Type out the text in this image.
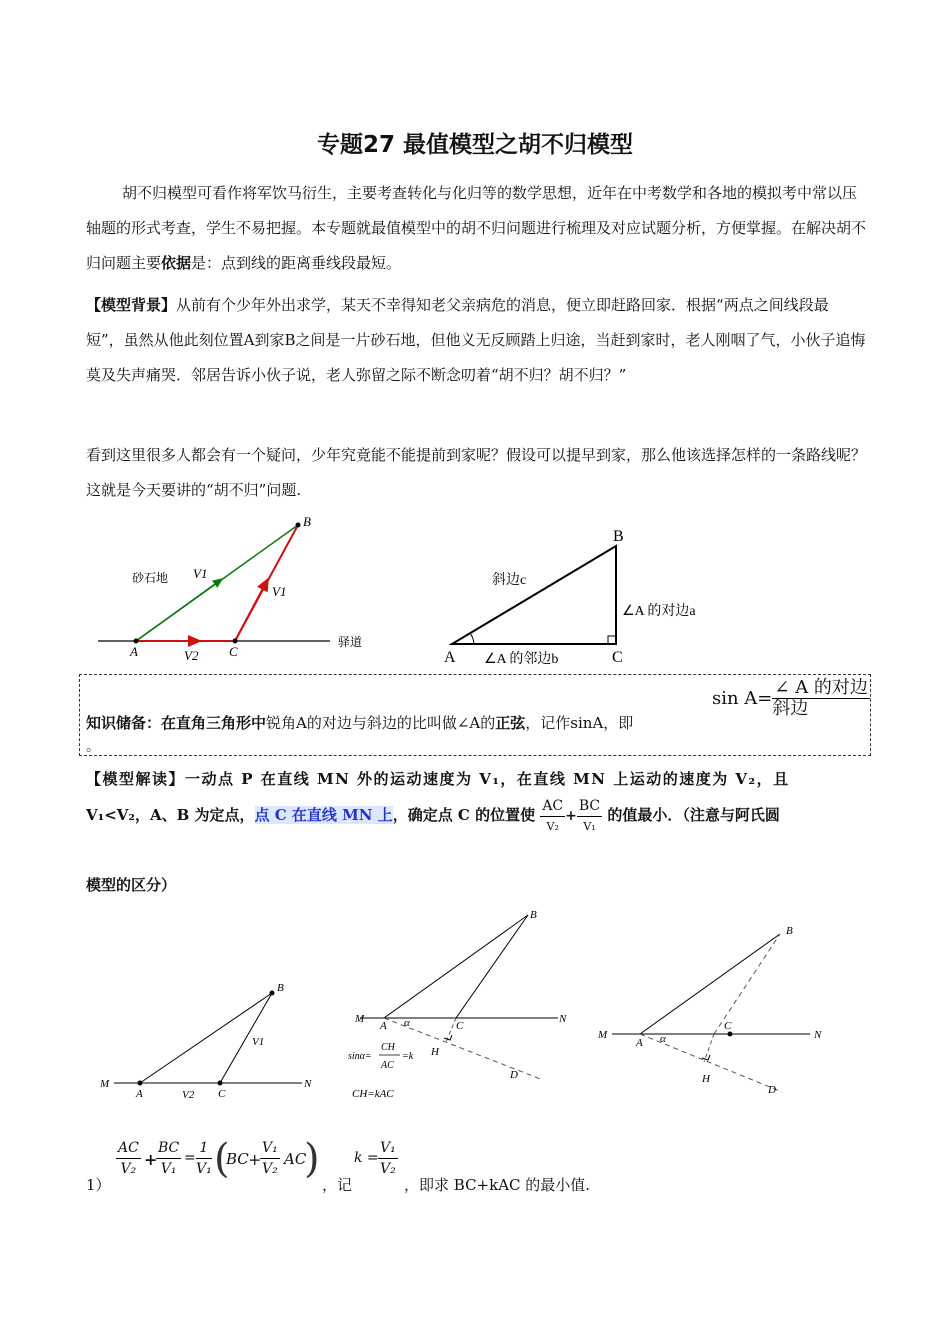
专题27 最值模型之胡不归模型
胡不归模型可看作将军饮马衍生，主要考查转化与化归等的数学思想，近年在中考数学和各地的模拟考中常以压轴题的形式考查，学生不易把握。本专题就最值模型中的胡不归问题进行梳理及对应试题分析，方便掌握。在解决胡不归问题主要依据是：点到线的距离垂线段最短。
【模型背景】从前有个少年外出求学，某天不幸得知老父亲病危的消息，便立即赶路回家．根据“两点之间线段最短”，虽然从他此刻位置A到家B之间是一片砂石地，但他义无反顾踏上归途，当赶到家时，老人刚咽了气，小伙子追悔莫及失声痛哭．邻居告诉小伙子说，老人弥留之际不断念叨着“胡不归？胡不归？”
看到这里很多人都会有一个疑问，少年究竟能不能提前到家呢？假设可以提早到家，那么他该选择怎样的一条路线呢？这就是今天要讲的“胡不归”问题.
B
A	C
V1
V1
V2
砂石地
驿道
A	C
B
斜边c
∠A 的对边a
∠A 的邻边b
知识储备：在直角三角形中锐角A的对边与斜边的比叫做∠A的正弦，记作sinA，即
。
$\sin A= \frac{\text{∠ A 的对边}}{\text{斜边}}$
【模型解读】一动点 P 在直线 MN 外的运动速度为 V₁，在直线 MN 上运动的速度为 V₂，且
V₁<V₂，A、B 为定点，点 C 在直线 MN 上，确定点 C 的位置使 $\frac{AC}{\text{V₂}} + \frac{BC}{\text{V₁}}$ 的值最小．（注意与阿氏圆
模型的区分）
M	N
A	C
B
V1
V2
M	N
A	C
B
H
D
α
sinα=
CH
AC
=k
CH=kAC
M	N
A
C
B
H
D
α
1）
$\frac{AC}{\text{V₂}}$ +
$\frac{BC}{\text{V₁}} = \frac{1}{\text{V₁}}$ (
BC +
$\frac{\text{V₁}}{\text{V₂}}$ AC
)
，记
$k = \frac{\text{V₁}}{\text{V₂}}$
，即求 BC+kAC 的最小值.
